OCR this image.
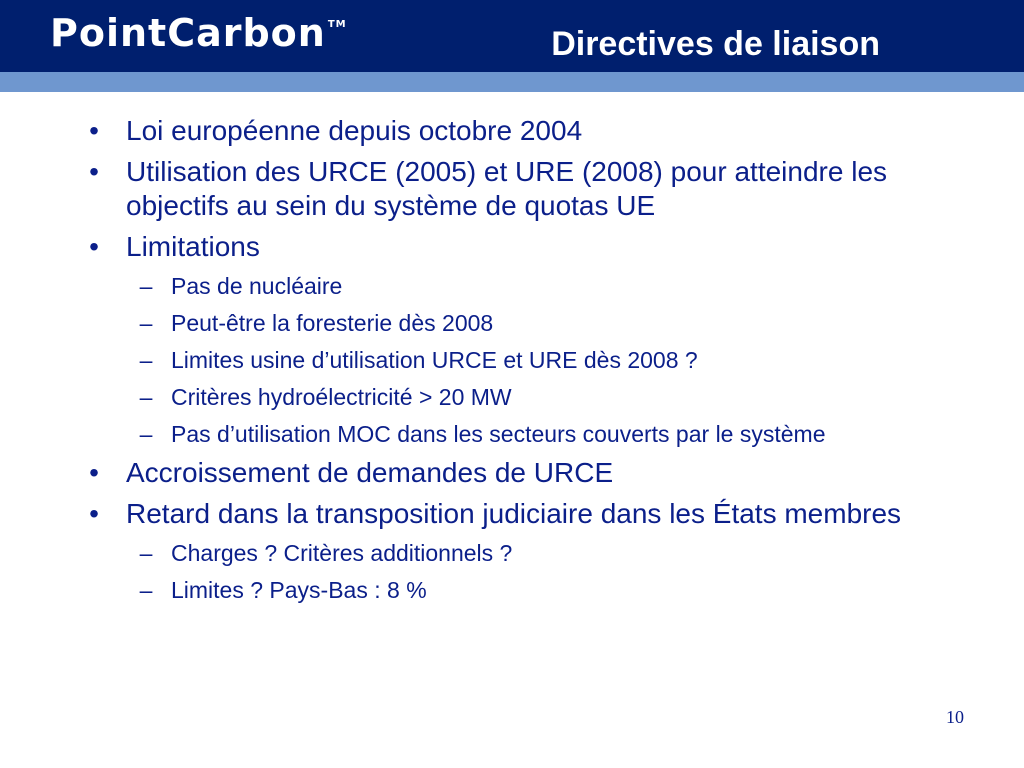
PointCarbon ™
Directives de liaison
• Loi européenne depuis octobre 2004
• Utilisation des URCE (2005) et URE (2008) pour atteindre les objectifs au sein du système de quotas UE
• Limitations
– Pas de nucléaire
– Peut-être la foresterie dès 2008
– Limites usine d’utilisation URCE et URE dès 2008 ?
– Critères hydroélectricité > 20 MW
– Pas d’utilisation MOC dans les secteurs couverts par le système
• Accroissement de demandes de URCE
• Retard dans la transposition judiciaire dans les États membres
– Charges ? Critères additionnels ?
– Limites ? Pays-Bas : 8 %
10
